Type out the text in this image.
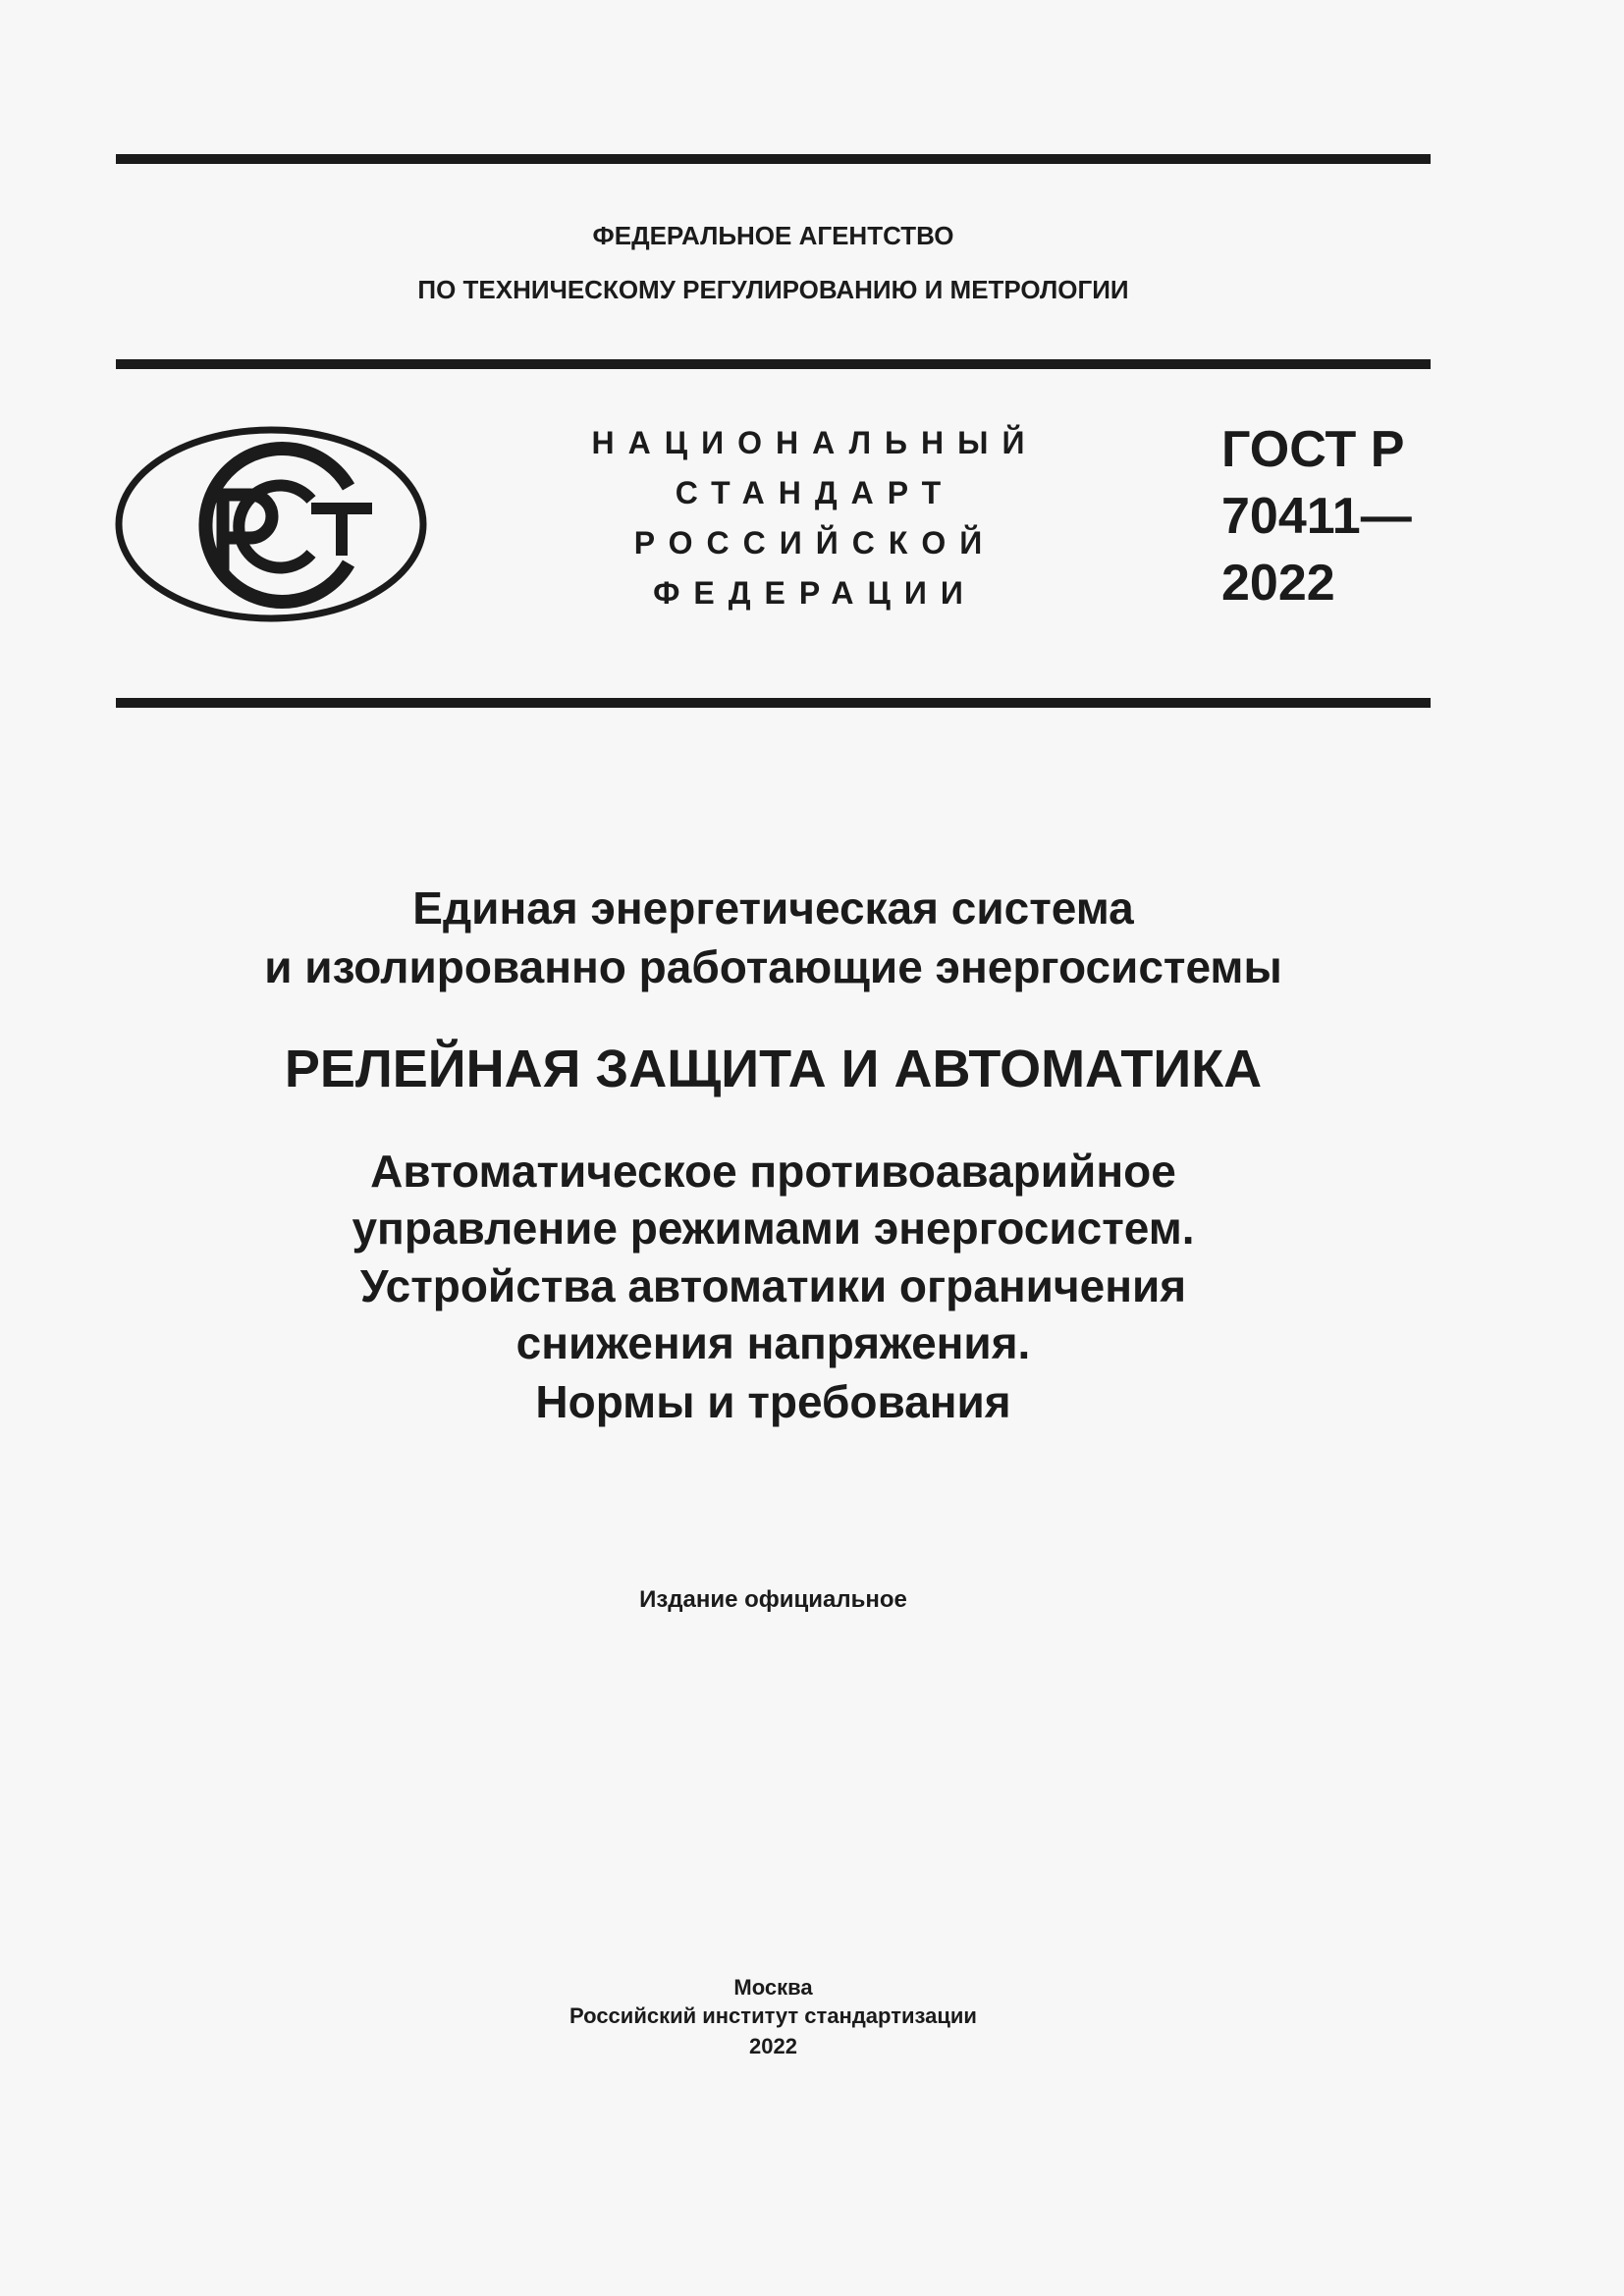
ФЕДЕРАЛЬНОЕ АГЕНТСТВО
ПО ТЕХНИЧЕСКОМУ РЕГУЛИРОВАНИЮ И МЕТРОЛОГИИ
НАЦИОНАЛЬНЫЙ
СТАНДАРТ
РОССИЙСКОЙ
ФЕДЕРАЦИИ
ГОСТ Р
70411—
2022
Единая энергетическая система
и изолированно работающие энергосистемы
РЕЛЕЙНАЯ ЗАЩИТА И АВТОМАТИКА
Автоматическое противоаварийное
управление режимами энергосистем.
Устройства автоматики ограничения
снижения напряжения.
Нормы и требования
Издание официальное
Москва
Российский институт стандартизации
2022
